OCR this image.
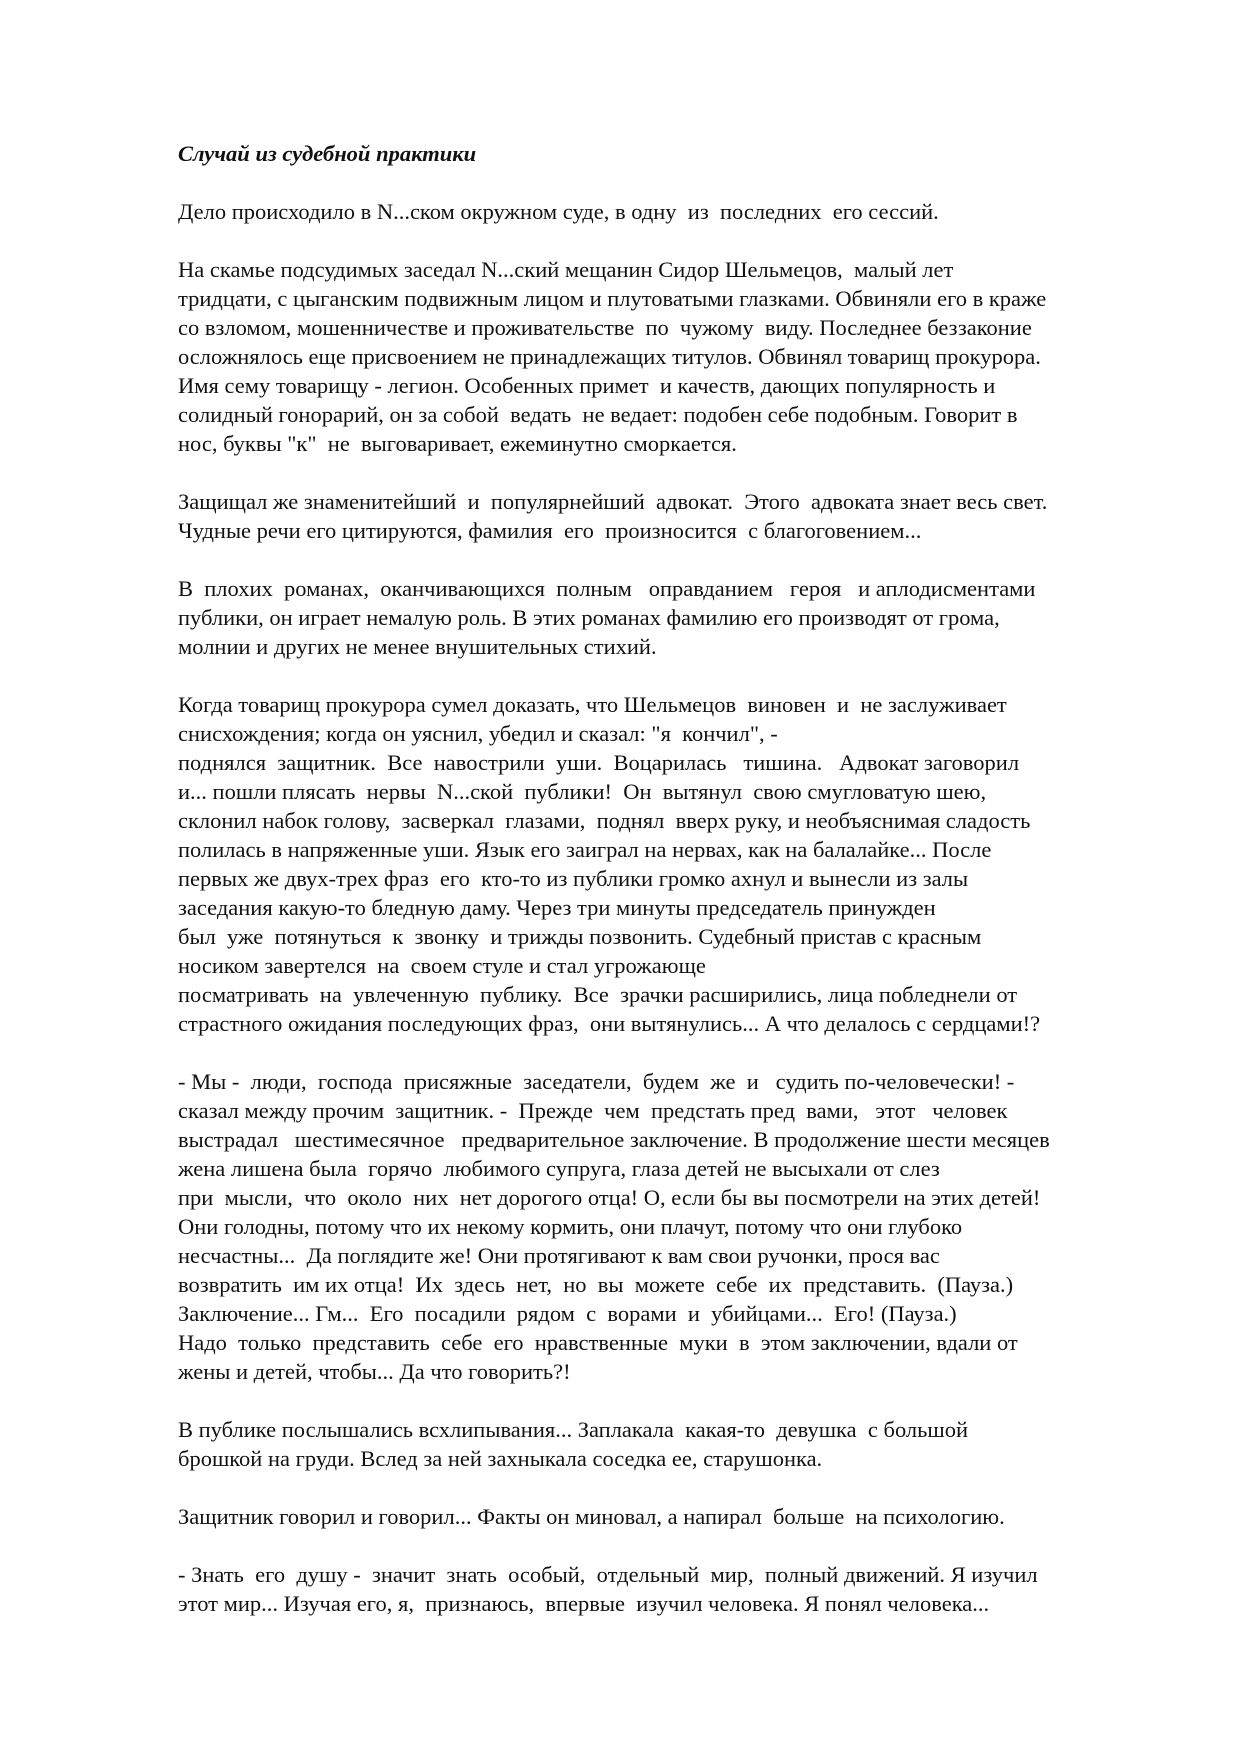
Случай из судебной практики
Дело происходило в N...ском окружном суде, в одну  из  последних  его сессий.
На скамье подсудимых заседал N...ский мещанин Сидор Шельмецов,  малый лет
тридцати, с цыганским подвижным лицом и плутоватыми глазками. Обвиняли его в краже
со взломом, мошенничестве и проживательстве  по  чужому  виду. Последнее беззаконие
осложнялось еще присвоением не принадлежащих титулов. Обвинял товарищ прокурора.
Имя сему товарищу - легион. Особенных примет  и качеств, дающих популярность и
солидный гонорарий, он за собой  ведать  не ведает: подобен себе подобным. Говорит в
нос, буквы "к"  не  выговаривает, ежеминутно сморкается.
Защищал же знаменитейший  и  популярнейший  адвокат.  Этого  адвоката знает весь свет.
Чудные речи его цитируются, фамилия  его  произносится  с благоговением...
В  плохих  романах,  оканчивающихся  полным   оправданием   героя   и аплодисментами
публики, он играет немалую роль. В этих романах фамилию его производят от грома,
молнии и других не менее внушительных стихий.
Когда товарищ прокурора сумел доказать, что Шельмецов  виновен  и  не заслуживает
снисхождения; когда он уяснил, убедил и сказал: "я  кончил", -
поднялся  защитник.  Все  навострили  уши.  Воцарилась   тишина.   Адвокат заговорил
и... пошли плясать  нервы  N...ской  публики!  Он  вытянул  свою смугловатую шею,
склонил набок голову,  засверкал  глазами,  поднял  вверх руку, и необъяснимая сладость
полилась в напряженные уши. Язык его заиграл на нервах, как на балалайке... После
первых же двух-трех фраз  его  кто-то из публики громко ахнул и вынесли из залы
заседания какую-то бледную даму. Через три минуты председатель принужден
был  уже  потянуться  к  звонку  и трижды позвонить. Судебный пристав с красным
носиком завертелся  на  своем стуле и стал угрожающе
посматривать  на  увлеченную  публику.  Все  зрачки расширились, лица побледнели от
страстного ожидания последующих фраз,  они вытянулись... А что делалось с сердцами!?
- Мы -  люди,  господа  присяжные  заседатели,  будем  же  и   судить по-человечески! -
сказал между прочим  защитник. -  Прежде  чем  предстать пред  вами,   этот   человек
выстрадал   шестимесячное   предварительное заключение. В продолжение шести месяцев
жена лишена была  горячо  любимого супруга, глаза детей не высыхали от слез
при  мысли,  что  около  них  нет дорогого отца! О, если бы вы посмотрели на этих детей!
Они голодны, потому что их некому кормить, они плачут, потому что они глубоко
несчастны...  Да поглядите же! Они протягивают к вам свои ручонки, прося вас
возвратить  им их отца!  Их  здесь  нет,  но  вы  можете  себе  их  представить.  (Пауза.)
Заключение... Гм...  Его  посадили  рядом  с  ворами  и  убийцами...  Его! (Пауза.)
Надо  только  представить  себе  его  нравственные  муки  в  этом заключении, вдали от
жены и детей, чтобы... Да что говорить?!
В публике послышались всхлипывания... Заплакала  какая-то  девушка  с большой
брошкой на груди. Вслед за ней захныкала соседка ее, старушонка.
Защитник говорил и говорил... Факты он миновал, а напирал  больше  на психологию.
- Знать  его  душу -  значит  знать  особый,  отдельный  мир,  полный движений. Я изучил
этот мир... Изучая его, я,  признаюсь,  впервые  изучил человека. Я понял человека...
